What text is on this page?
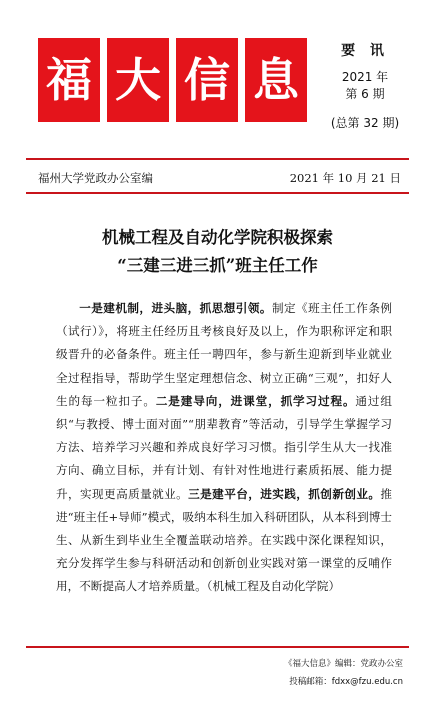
福 大 信 息
要 讯
2021 年
第 6 期
(总第 32 期)
福州大学党政办公室编	2021 年 10 月 21 日
机械工程及自动化学院积极探索
“三建三进三抓”班主任工作

一是建机制，进头脑，抓思想引领。制定《班主任工作条例（试行）》，将班主任经历且考核良好及以上，作为职称评定和职级晋升的必备条件。班主任一聘四年，参与新生迎新到毕业就业全过程指导，帮助学生坚定理想信念、树立正确“三观”，扣好人生的每一粒扣子。二是建导向，进课堂，抓学习过程。通过组织“与教授、博士面对面”“朋辈教育”等活动，引导学生掌握学习方法、培养学习兴趣和养成良好学习习惯。指引学生从大一找准方向、确立目标，并有计划、有针对性地进行素质拓展、能力提升，实现更高质量就业。三是建平台，进实践，抓创新创业。推进“班主任+导师”模式，吸纳本科生加入科研团队，从本科到博士生、从新生到毕业生全覆盖联动培养。在实践中深化课程知识，充分发挥学生参与科研活动和创新创业实践对第一课堂的反哺作用，不断提高人才培养质量。（机械工程及自动化学院）

《福大信息》编辑：党政办公室
投稿邮箱：fdxx@fzu.edu.cn
